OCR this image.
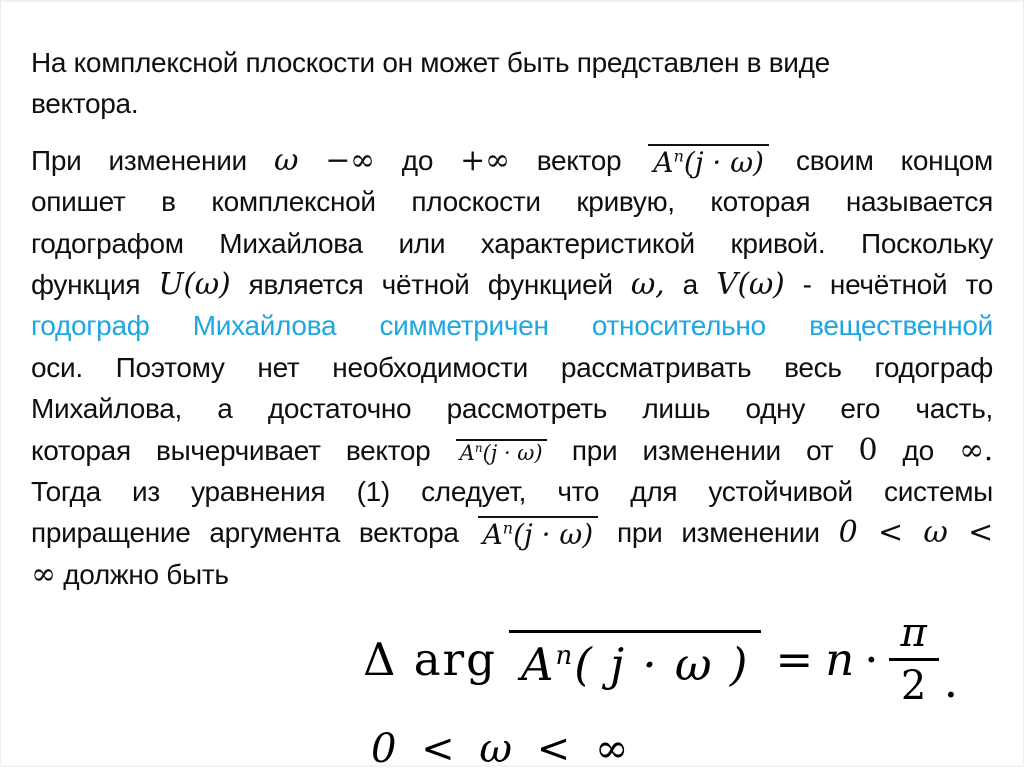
На комплексной плоскости он может быть представлен в виде
вектора.
При изменении ω −∞ до +∞ вектор $A^n(j \cdot \omega)$ своим концом
опишет в комплексной плоскости кривую, которая называется
годографом Михайлова или характеристикой кривой. Поскольку
функция U(ω) является чётной функцией ω, а V(ω) - нечётной то
годограф Михайлова симметричен относительно вещественной
оси. Поэтому нет необходимости рассматривать весь годограф
Михайлова, а достаточно рассмотреть лишь одну его часть,
которая вычерчивает вектор $A^n(j \cdot \omega)$ при изменении от 0 до ∞.
Тогда из уравнения (1) следует, что для устойчивой системы
приращение аргумента вектора $A^n(j \cdot \omega)$ при изменении 0 < ω <
∞ должно быть
Δ arg $A^n$( j · ω ) = $n \cdot \frac{\pi}{2}$ .
0 < ω < ∞
